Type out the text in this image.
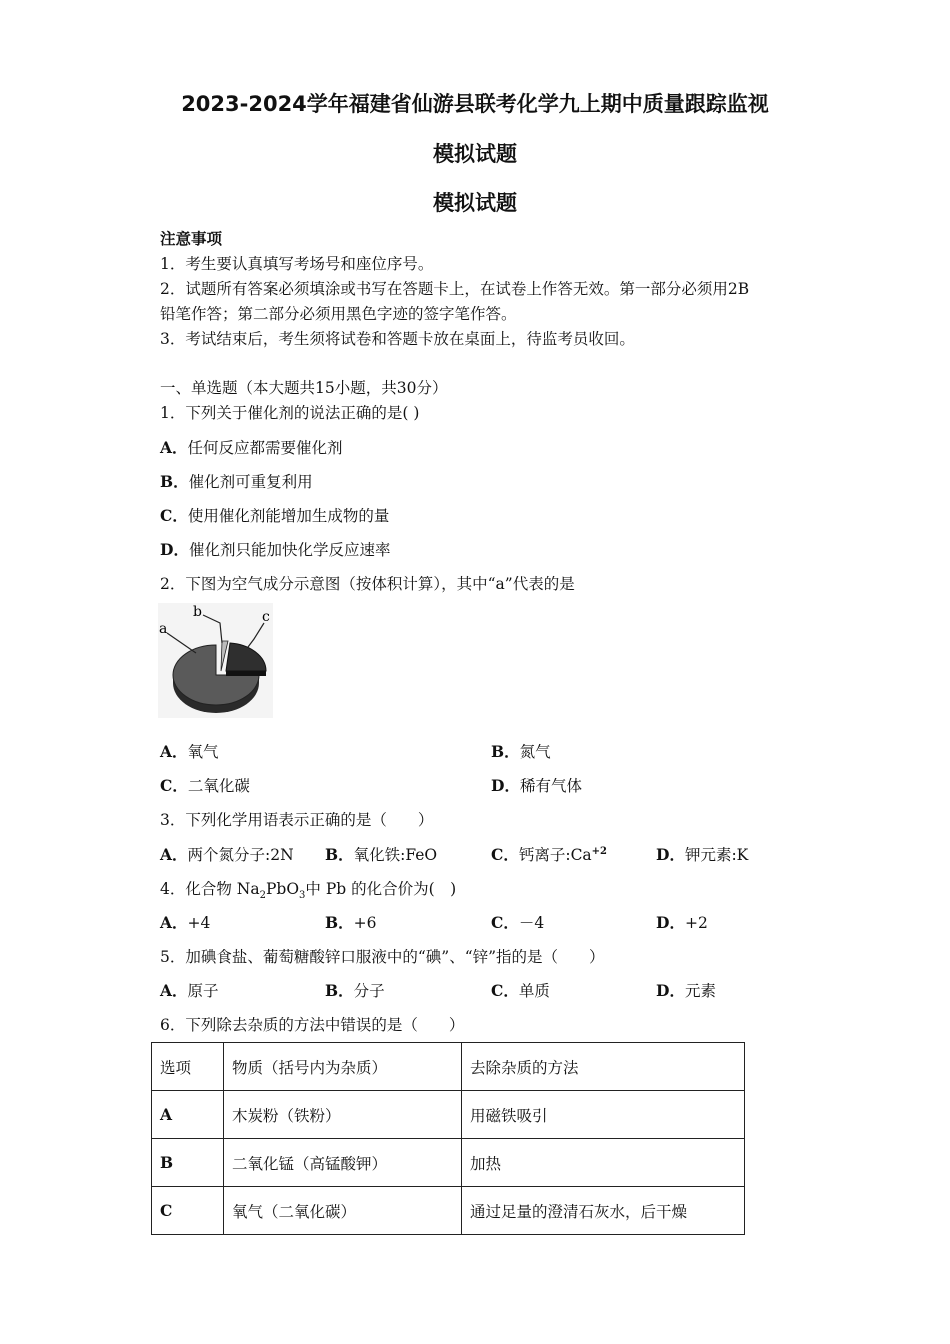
2023-2024学年福建省仙游县联考化学九上期中质量跟踪监视
模拟试题
模拟试题
注意事项
1．考生要认真填写考场号和座位序号。
2．试题所有答案必须填涂或书写在答题卡上，在试卷上作答无效。第一部分必须用2B
铅笔作答；第二部分必须用黑色字迹的签字笔作答。
3．考试结束后，考生须将试卷和答题卡放在桌面上，待监考员收回。
一、单选题（本大题共15小题，共30分）
1．下列关于催化剂的说法正确的是( )
A．任何反应都需要催化剂
B．催化剂可重复利用
C．使用催化剂能增加生成物的量
D．催化剂只能加快化学反应速率
2．下图为空气成分示意图（按体积计算），其中“a”代表的是
a
b	c
A．氧气	B．氮气
C．二氧化碳	D．稀有气体
3．下列化学用语表示正确的是（　　）
A．两个氮分子:2N B．氧化铁:FeO	C．钙离子$:Ca^{+2}$	D．钾元素:K
4．化合物 $Na_2PbO_3$中 Pb 的化合价为(　)
A．+4	B．+6	C．－4	D．+2
5．加碘食盐、葡萄糖酸锌口服液中的“碘”、“锌”指的是（　　）
A．原子	B．分子	C．单质	D．元素
6．下列除去杂质的方法中错误的是（　　）
选项	物质（括号内为杂质）	去除杂质的方法
A	木炭粉（铁粉）	用磁铁吸引
B	二氧化锰（高锰酸钾）	加热
C	氧气（二氧化碳）	通过足量的澄清石灰水，后干燥
